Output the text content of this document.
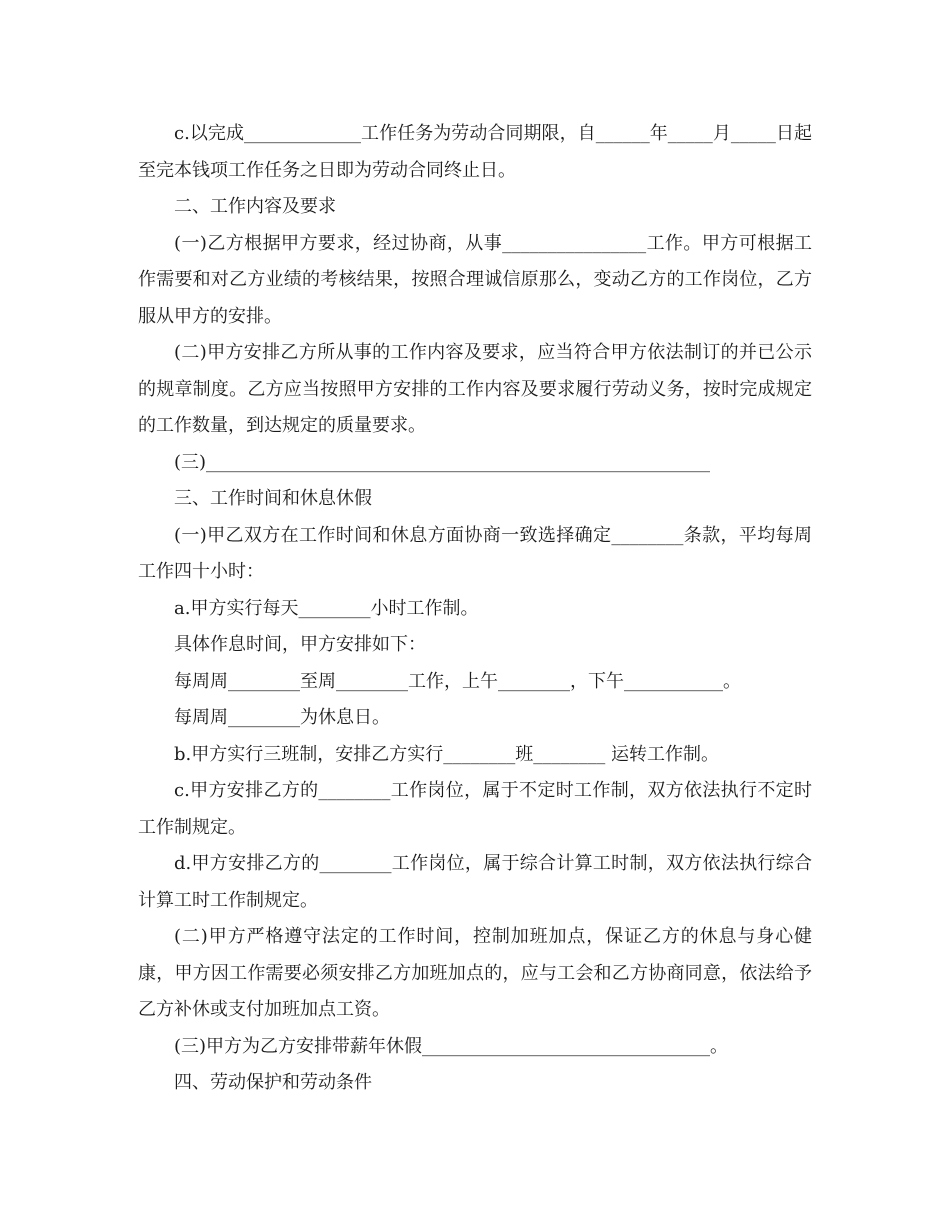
c.以完成_____________工作任务为劳动合同期限，自______年_____月_____日起至完本钱项工作任务之日即为劳动合同终止日。

二、工作内容及要求

(一)乙方根据甲方要求，经过协商，从事________________工作。甲方可根据工作需要和对乙方业绩的考核结果，按照合理诚信原那么，变动乙方的工作岗位，乙方服从甲方的安排。

(二)甲方安排乙方所从事的工作内容及要求，应当符合甲方依法制订的并已公示的规章制度。乙方应当按照甲方安排的工作内容及要求履行劳动义务，按时完成规定的工作数量，到达规定的质量要求。

(三)________________________________________________________

三、工作时间和休息休假

(一)甲乙双方在工作时间和休息方面协商一致选择确定________条款，平均每周工作四十小时：

a.甲方实行每天________小时工作制。

具体作息时间，甲方安排如下：

每周周________至周________工作，上午________，下午___________。

每周周________为休息日。

b.甲方实行三班制，安排乙方实行________班________ 运转工作制。

c.甲方安排乙方的________工作岗位，属于不定时工作制，双方依法执行不定时工作制规定。

d.甲方安排乙方的________工作岗位，属于综合计算工时制，双方依法执行综合计算工时工作制规定。

(二)甲方严格遵守法定的工作时间，控制加班加点，保证乙方的休息与身心健康，甲方因工作需要必须安排乙方加班加点的，应与工会和乙方协商同意，依法给予乙方补休或支付加班加点工资。

(三)甲方为乙方安排带薪年休假________________________________。

四、劳动保护和劳动条件
